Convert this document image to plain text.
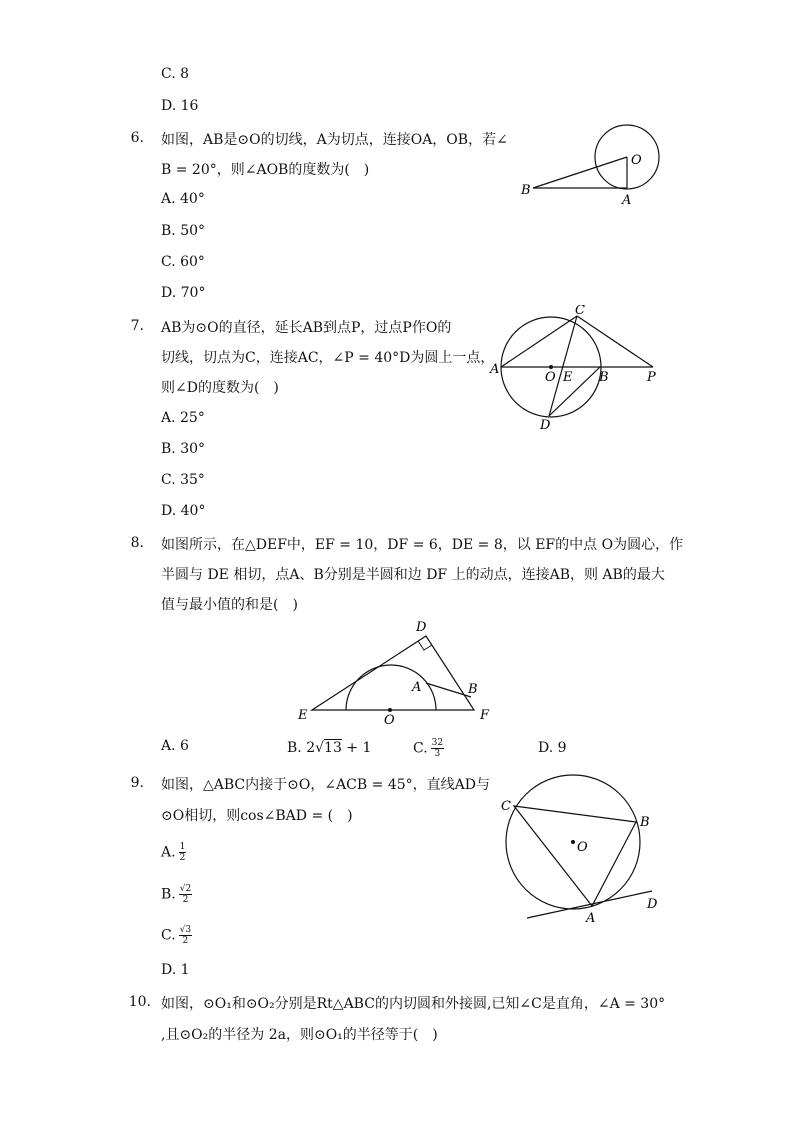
C. 8
D. 16
6. 如图，AB是⊙O的切线，A为切点，连接OA，OB，若∠
B = 20°，则∠AOB的度数为(　)
A. 40°
B. 50°
C. 60°
D. 70°
O
B
A
7. AB为⊙O的直径，延长AB到点P，过点P作O的
切线，切点为C，连接AC，∠P = 40°D为圆上一点，
则∠D的度数为(　)
A. 25°
B. 30°
C. 35°
D. 40°
C
A
O E B	P
D
8. 如图所示，在△DEF中，EF = 10，DF = 6，DE = 8，以 EF的中点 O为圆心，作
半圆与 DE 相切，点A、B分别是半圆和边 DF 上的动点，连接AB，则 AB的最大
值与最小值的和是(　)
D
A	B
E	O	F
A. 6	B. 2√13 + 1	C. $\frac{32}{3}$	D. 9
9. 如图，△ABC内接于⊙O，∠ACB = 45°，直线AD与
⊙O相切，则cos∠BAD = (　)
A. $\frac{1}{2}$
B. $\frac{√2}{2}$
C. $\frac{√3}{2}$
D. 1
C
B
O
A
D
10. 如图，⊙O₁和⊙O₂分别是Rt△ABC的内切圆和外接圆,已知∠C是直角，∠A = 30°
,且⊙O₂的半径为 2a，则⊙O₁的半径等于(　)
